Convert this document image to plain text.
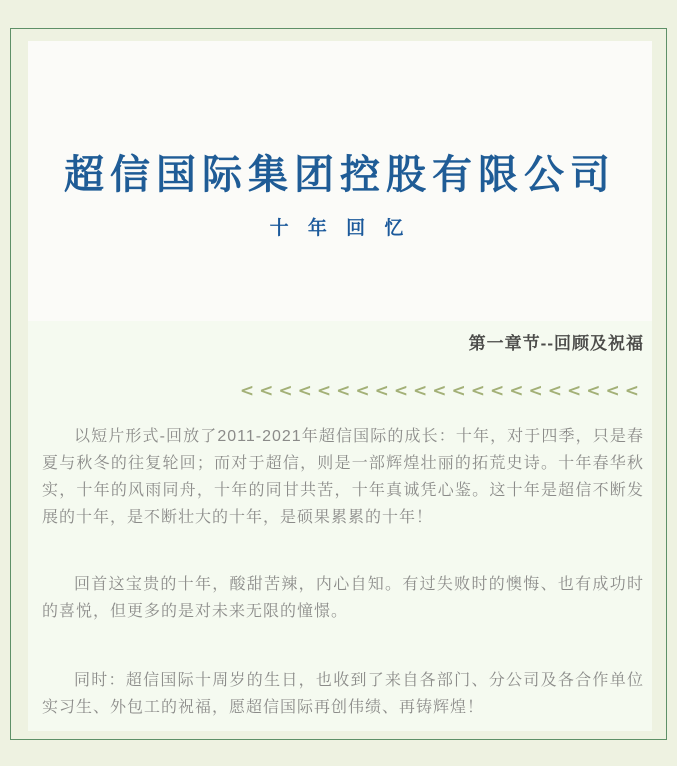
超信国际集团控股有限公司
十 年 回 忆
第一章节--回顾及祝福
<<<<<<<<<<<<<<<<<<<<<

以短片形式-回放了2011-2021年超信国际的成长：十年，对于四季，只是春夏与秋冬的往复轮回；而对于超信，则是一部辉煌壮丽的拓荒史诗。十年春华秋实，十年的风雨同舟，十年的同甘共苦，十年真诚凭心鉴。这十年是超信不断发展的十年，是不断壮大的十年，是硕果累累的十年！

回首这宝贵的十年，酸甜苦辣，内心自知。有过失败时的懊悔、也有成功时的喜悦，但更多的是对未来无限的憧憬。

同时：超信国际十周岁的生日，也收到了来自各部门、分公司及各合作单位实习生、外包工的祝福，愿超信国际再创伟绩、再铸辉煌！
